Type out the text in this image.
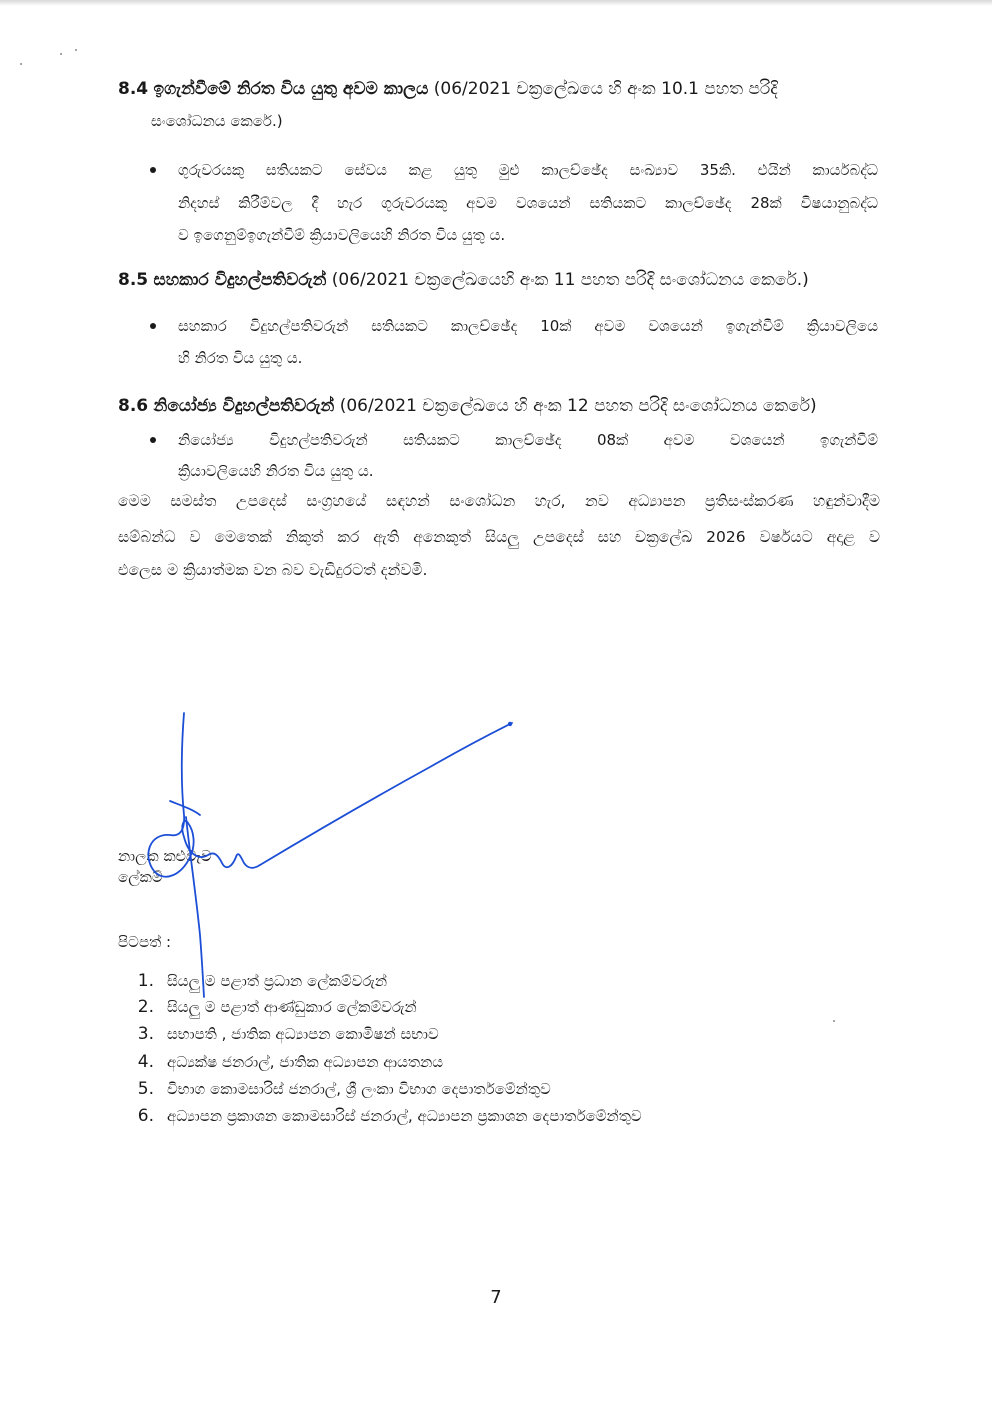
8.4 ඉගැන්වීමේ නිරත විය යුතු අවම කාලය (06/2021 චක්‍රලේඛයෙ හි අංක 10.1 පහත පරිදි
සංශෝධනය කෙරේ.)
ගුරුවරයකු සතියකට සේවය කළ යුතු මුළු කාලච්ඡේද සංඛ්‍යාව 35කි. එයින් කාර්යබද්ධ
නිදහස් කිරීම්වල දී හැර ගුරුවරයකු අවම වශයෙන් සතියකට කාලච්ඡේද 28ක් විෂයානුබද්ධ
ව ඉගෙනුම්ඉගැන්වීම් ක්‍රියාවලියෙහි නිරත විය යුතු ය.
8.5 සහකාර විදුහල්පතිවරුන් (06/2021 චක්‍රලේඛයෙහි අංක 11 පහත පරිදි සංශෝධනය කෙරේ.)
සහකාර විදුහල්පතිවරුන් සතියකට කාලච්ඡේද 10ක් අවම වශයෙන් ඉගැන්වීම් ක්‍රියාවලියෙ
හි නිරත විය යුතු ය.
8.6 නියෝජ්‍ය විදුහල්පතිවරුන් (06/2021 චක්‍රලේඛයෙ හි අංක 12 පහත පරිදි සංශෝධනය කෙරේ)
නියෝජ්‍ය විදුහල්පතිවරුන් සතියකට කාලච්ඡේද 08ක් අවම වශයෙන් ඉගැන්වීම්
ක්‍රියාවලියෙහි නිරත විය යුතු ය.
මෙම සමස්ත උපදෙස් සංග්‍රහයේ සඳහන් සංශෝධන හැර, නව අධ්‍යාපන ප්‍රතිසංස්කරණ හඳුන්වාදීම
සම්බන්ධ ව මෙතෙක් නිකුත් කර ඇති අනෙකුත් සියලු උපදෙස් සහ චක්‍රලේඛ 2026 වර්ෂයට අදාළ ව
එලෙස ම ක්‍රියාත්මක වන බව වැඩිදුරටත් දන්වමි.
නාලක කළුවැව
ලේකම්
පිටපත් :
1. සියලු ම පළාත් ප්‍රධාන ලේකම්වරුන්
2. සියලු ම පළාත් ආණ්ඩුකාර ලේකම්වරුන්
3. සභාපති , ජාතික අධ්‍යාපන කොමිෂන් සභාව
4. අධ්‍යක්ෂ ජනරාල්, ජාතික අධ්‍යාපන ආයතනය
5. විභාග කොමසාරිස් ජනරාල්, ශ්‍රී ලංකා විභාග දෙපාර්තමේන්තුව
6. අධ්‍යාපන ප්‍රකාශන කොමසාරිස් ජනරාල්, අධ්‍යාපන ප්‍රකාශන දෙපාර්තමේන්තුව
7
